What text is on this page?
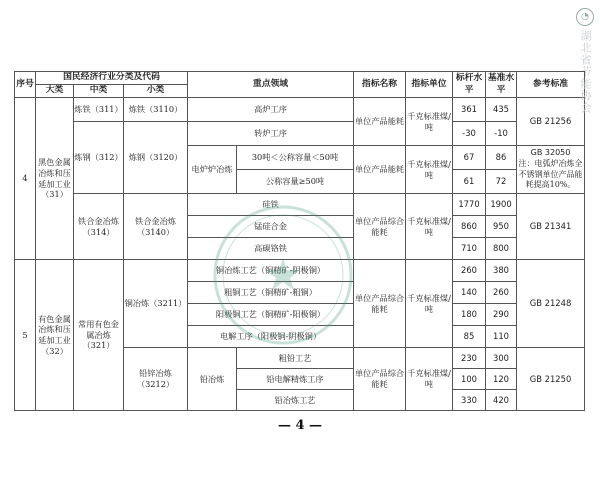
序号	国民经济行业分类及代码			重点领域		指标名称	指标单位	标杆水平	基准水平	参考标准
	大类	中类	小类							
4	黑色金属冶炼和压延加工业（31）	炼铁（311）	炼铁（3110）	高炉工序		单位产品能耗	千克标准煤/吨	361	435	GB 21256
		炼钢（312）	炼钢（3120）	转炉工序				-30	-10	
				电炉炉冶炼	30吨＜公称容量＜50吨	单位产品能耗	千克标准煤/吨	67	86	GB 32050
注：电弧炉冶炼全不锈钢单位产品能耗提高10%。

					公称容量≥50吨			61	72	
		铁合金冶炼（314）	铁合金冶炼（3140）	硅铁		单位产品综合能耗	千克标准煤/吨	1770	1900	GB 21341
				锰硅合金				860	950	
				高碳铬铁				710	800	
5	有色金属冶炼和压延加工业（32）	常用有色金属冶炼（321）	铜冶炼（3211）	铜冶炼工艺（铜精矿-阴极铜）		单位产品综合能耗	千克标准煤/吨	260	380	GB 21248
				粗铜工艺（铜精矿-粗铜）				140	260	
				阳极铜工艺（铜精矿-阳极铜）				180	290	
				电解工序（阳极铜-阴极铜）				85	110	
			铅锌冶炼（3212）	铅冶炼	粗铅工艺	单位产品综合能耗	千克标准煤/吨	230	300	GB 21250
					铅电解精炼工序			100	120	
					铅冶炼工艺			330	420	
— 4 —
◔
湖北省节能协会
